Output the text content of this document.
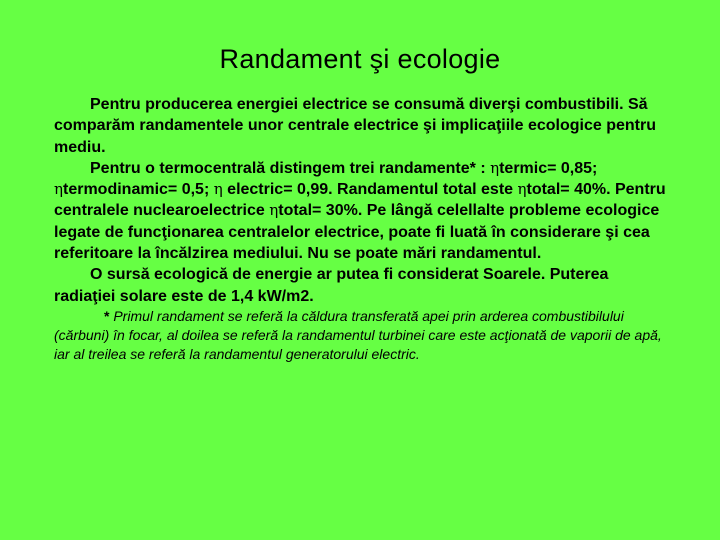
Randament şi ecologie

Pentru producerea energiei electrice se consumă diverşi combustibili. Să comparăm randamentele unor centrale electrice şi implicaţiile ecologice pentru mediu.

Pentru o termocentrală distingem trei randamente* : ηtermic= 0,85; ηtermodinamic= 0,5; η electric= 0,99. Randamentul total este ηtotal= 40%. Pentru centralele nuclearoelectrice ηtotal= 30%. Pe lângă celellalte probleme ecologice legate de funcţionarea centralelor electrice, poate fi luată în considerare şi cea referitoare la încălzirea mediului. Nu se poate mări randamentul.

O sursă ecologică de energie ar putea fi considerat Soarele. Puterea radiaţiei solare este de 1,4 kW/m2.

* Primul randament se referă la căldura transferată apei prin arderea combustibilului (cărbuni) în focar, al doilea se referă la randamentul turbinei care este acţionată de vaporii de apă, iar al treilea se referă la randamentul generatorului electric.
